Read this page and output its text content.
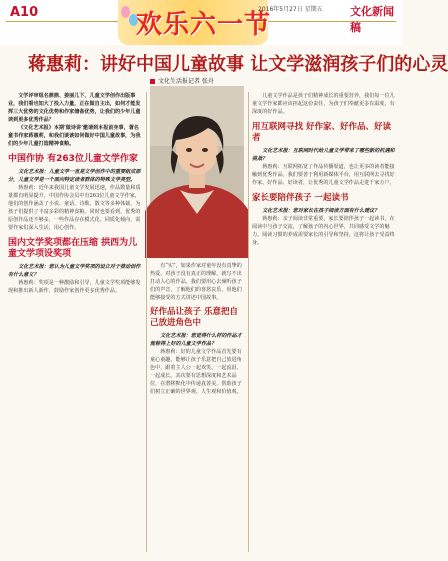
A10	欢乐六一节
2016年5月27日 星期五 文化新闻稿
蒋惠莉：讲好中国儿童故事 让文学滋润孩子们的心灵
文化生活报记者 张舟

文学评审组名鼎鼎、姜丽儿下、儿童文学创作出版事业，我们看也知大了投入力量，正在做自主出，如何才能发挥三大优势的文化优势和作家储备优势，让我们的少年儿童读到更多优秀作品？

《文化艺术报》本期‘做诗讲’邀请到本报前身事，著名童书作家蒋惠莉，和我们谈谈如何做好中国儿童故事，为我们的少年儿童打造精神食粮。

中国作协 有263位儿童文学作家

文化艺术报：儿童文学一直是文学创作中的重要组成部分，儿童文学是一个面向特定读者群体的特殊文学类型。

蒋惠莉：近年来我国儿童文学发展迅速，作品数量和质量都有明显提升。中国作协会员中有263位儿童文学作家，他们的创作涵盖了小说、童话、诗歌、散文等多种体裁，为孩子们提供了丰富多彩的精神食粮。同时也要看到，优秀的原创作品还不够多，一些作品存在模式化、同质化倾向，需要作家们深入生活，用心创作。

国内文学奖项都在压缩 拱西为儿童文学项设奖项

文化艺术报：您认为儿童文学奖项的设立对于推动创作有什么意义？

蒋惠莉：奖项是一种激励和引导，儿童文学奖项能够发现和推出新人新作，鼓励作家创作更多优秀作品。

有“实”，如果作家对童年没有真挚的热爱、对孩子没有真正的理解，就写不出打动人心的作品。我们要用心去倾听孩子们的声音，了解他们的喜怒哀乐，用他们能够接受的方式讲述中国故事。

好作品让孩子 乐意把自己放进角色中

文化艺术报：您觉得什么样的作品才能称得上好的儿童文学作品？

蒋惠莉：好的儿童文学作品首先要有童心童趣，能够让孩子乐意把自己放进角色中，跟着主人公一起欢笑、一起流泪、一起成长。其次要有思想深度和艺术品位，在潜移默化中传递真善美，帮助孩子们树立正确的世界观、人生观和价值观。

儿童文学作品是孩子们精神成长的重要营养，我们每一位儿童文学作家都应该担起这份责任，为孩子们奉献更多有温度、有深度的好作品。

用互联网寻找 好作家、好作品、好读者

文化艺术报：互联网时代给儿童文学带来了哪些新的机遇和挑战？

蒋惠莉：互联网拓宽了作品传播渠道，也让更多的读者能接触到优秀作品。我们要善于利用新媒体平台，用互联网去寻找好作家、好作品、好读者，让优秀的儿童文学作品走进千家万户。

家长要陪伴孩子 一起读书

文化艺术报：您对家长在孩子阅读方面有什么建议？

蒋惠莉：亲子阅读非常重要。家长要陪伴孩子一起读书，在阅读中与孩子交流，了解孩子的内心世界，共同感受文学的魅力。阅读习惯的养成需要家长的引导和坚持，这将让孩子受益终身。
